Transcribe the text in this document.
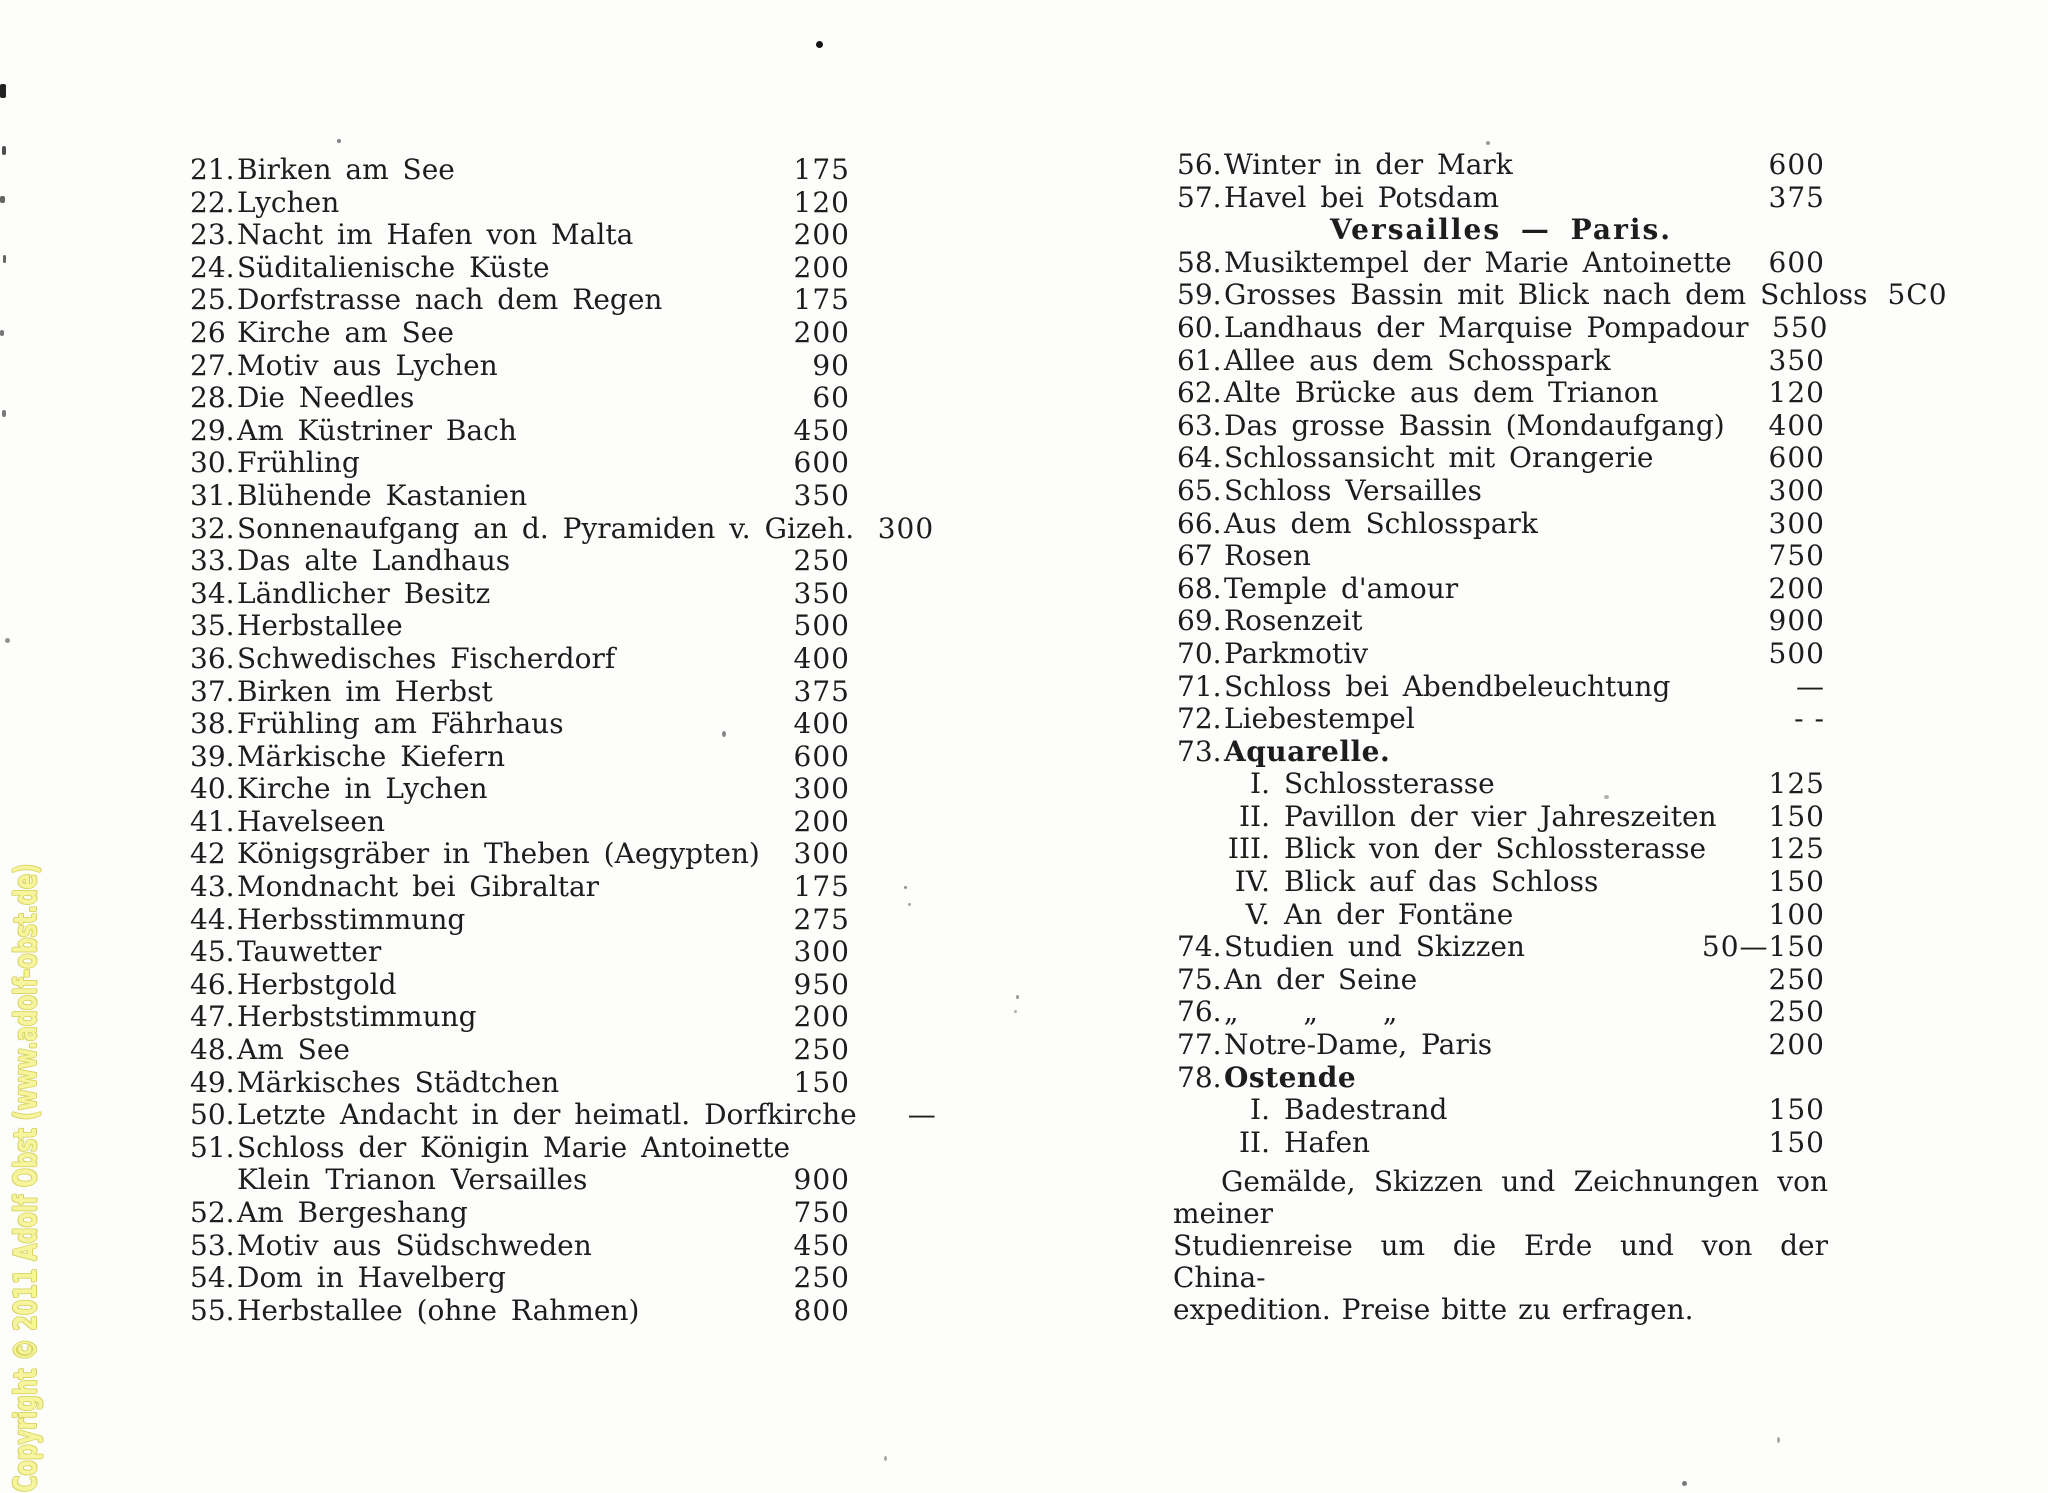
21. Birken am See	175
22. Lychen	120
23. Nacht im Hafen von Malta	200
24. Süditalienische Küste	200
25. Dorfstrasse nach dem Regen	175
26 Kirche am See	200
27. Motiv aus Lychen	90
28. Die Needles	60
29. Am Küstriner Bach	450
30. Frühling	600
31. Blühende Kastanien	350
32. Sonnenaufgang an d. Pyramiden v. Gizeh. 300
33. Das alte Landhaus	250
34. Ländlicher Besitz	350
35. Herbstallee	500
36. Schwedisches Fischerdorf	400
37. Birken im Herbst	375
38. Frühling am Fährhaus	400
39. Märkische Kiefern	600
40. Kirche in Lychen	300
41. Havelseen	200
42 Königsgräber in Theben (Aegypten)	300
43. Mondnacht bei Gibraltar	175
44. Herbsstimmung	275
45. Tauwetter	300
46. Herbstgold	950
47. Herbststimmung	200
48. Am See	250
49. Märkisches Städtchen	150
50. Letzte Andacht in der heimatl. Dorfkirche	—
51. Schloss der Königin Marie Antoinette
Klein Trianon Versailles	900
52. Am Bergeshang	750
53. Motiv aus Südschweden	450
54. Dom in Havelberg	250
55. Herbstallee (ohne Rahmen)	800
56. Winter in der Mark	600
57. Havel bei Potsdam	375
Versailles — Paris.
58. Musiktempel der Marie Antoinette	600
59. Grosses Bassin mit Blick nach dem Schloss 5C0
60. Landhaus der Marquise Pompadour 550
61. Allee aus dem Schosspark	350
62. Alte Brücke aus dem Trianon	120
63. Das grosse Bassin (Mondaufgang)	400
64. Schlossansicht mit Orangerie	600
65. Schloss Versailles	300
66. Aus dem Schlosspark	300
67 Rosen	750
68. Temple d'amour	200
69. Rosenzeit	900
70. Parkmotiv	500
71. Schloss bei Abendbeleuchtung	—
72. Liebestempel	- -
73. Aquarelle.
I. Schlossterasse	125
II. Pavillon der vier Jahreszeiten	150
III. Blick von der Schlossterasse	125
IV. Blick auf das Schloss	150
V. An der Fontäne	100
74. Studien und Skizzen	50—150
75. An der Seine	250
76. „ „ „	250
77. Notre-Dame, Paris	200
78. Ostende
I. Badestrand	150
II. Hafen	150
Gemälde, Skizzen und Zeichnungen von meiner
Studienreise um die Erde und von der China-
expedition. Preise bitte zu erfragen.
Copyright © 2011 Adolf Obst (www.adolf-obst.de)
